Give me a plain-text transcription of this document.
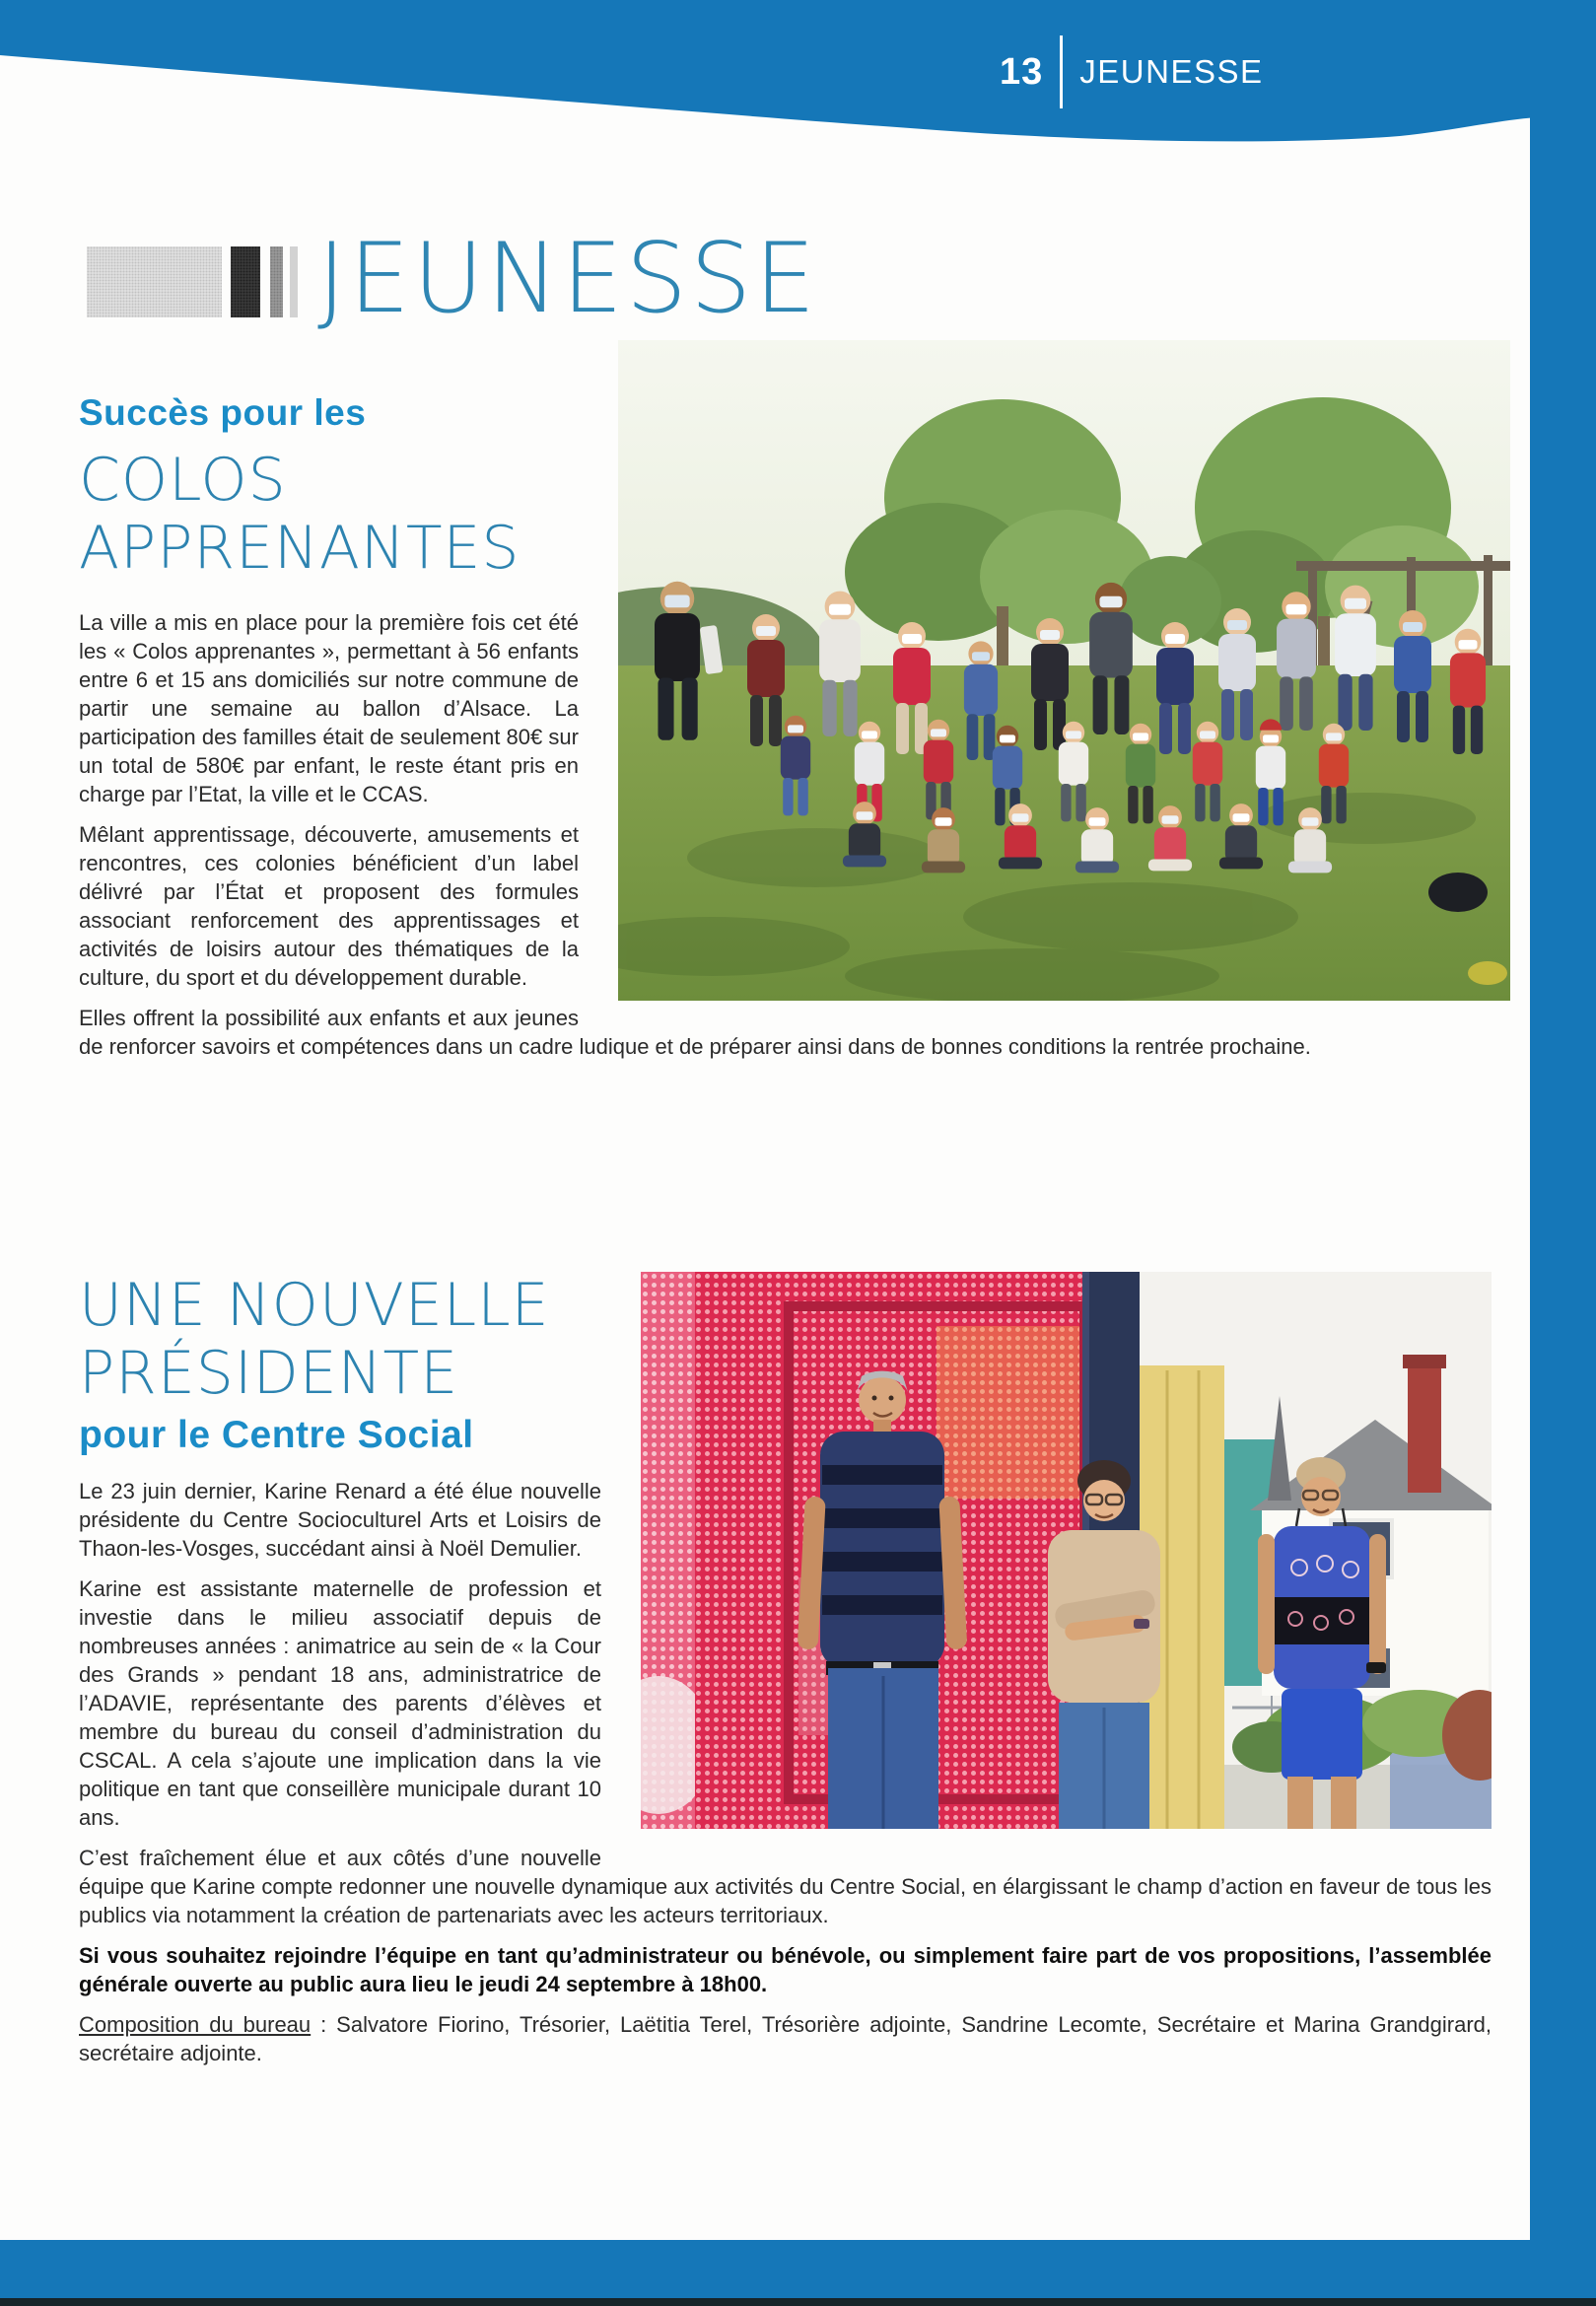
13 JEUNESSE
JEUNESSE
Succès pour les
COLOS
APPRENANTES

La ville a mis en place pour la première fois cet été les « Colos apprenantes », permettant à 56 enfants entre 6 et 15 ans domiciliés sur notre commune de partir une semaine au ballon d’Alsace. La participation des familles était de seulement 80€ sur un total de 580€ par enfant, le reste étant pris en charge par l’Etat, la ville et le CCAS.

Mêlant apprentissage, découverte, amusements et rencontres, ces colonies bénéficient d’un label délivré par l’État et proposent des formules associant renforcement des apprentissages et activités de loisirs autour des thématiques de la culture, du sport et du développement durable.

Elles offrent la possibilité aux enfants et aux jeunes de renforcer savoirs et compétences dans un cadre ludique et de préparer ainsi dans de bonnes conditions la rentrée prochaine.

UNE NOUVELLE
PRÉSIDENTE
pour le Centre Social

Le 23 juin dernier, Karine Renard a été élue nouvelle présidente du Centre Socioculturel Arts et Loisirs de Thaon-les-Vosges, succédant ainsi à Noël Demulier.

Karine est assistante maternelle de profession et investie dans le milieu associatif depuis de nombreuses années : animatrice au sein de « la Cour des Grands » pendant 18 ans, administratrice de l’ADAVIE, représentante des parents d’élèves et membre du bureau du conseil d’administration du CSCAL. A cela s’ajoute une implication dans la vie politique en tant que conseillère municipale durant 10 ans.

C’est fraîchement élue et aux côtés d’une nouvelle équipe que Karine compte redonner une nouvelle dynamique aux activités du Centre Social, en élargissant le champ d’action en faveur de tous les publics via notamment la création de partenariats avec les acteurs territoriaux.

Si vous souhaitez rejoindre l’équipe en tant qu’administrateur ou bénévole, ou simplement faire part de vos propositions, l’assemblée générale ouverte au public aura lieu le jeudi 24 septembre à 18h00.

Composition du bureau : Salvatore Fiorino, Trésorier, Laëtitia Terel, Trésorière adjointe, Sandrine Lecomte, Secrétaire et Marina Grandgirard, secrétaire adjointe.
